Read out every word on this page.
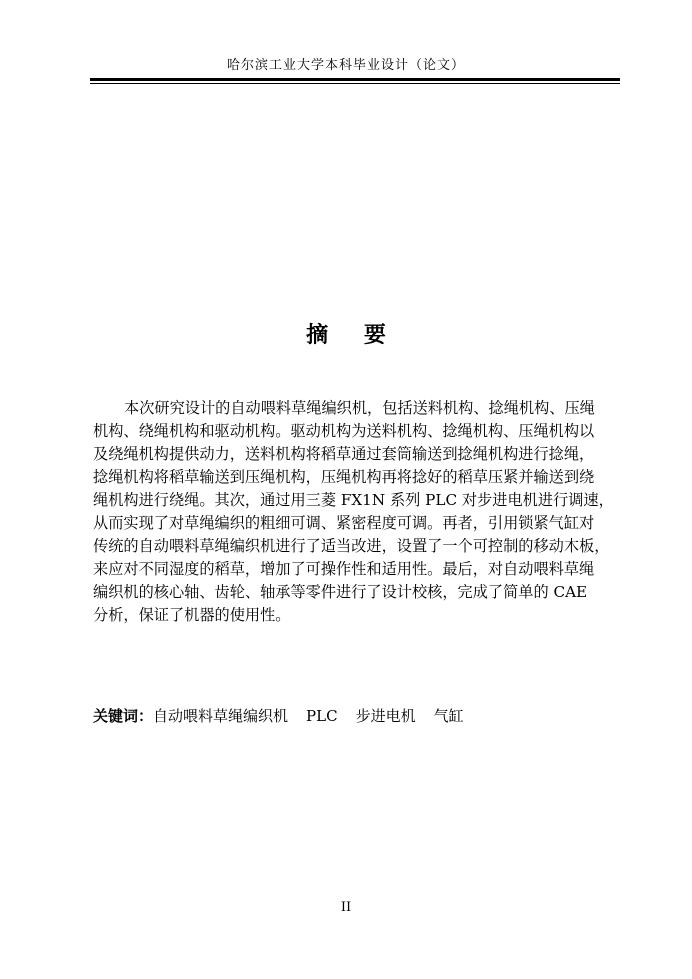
哈尔滨工业大学本科毕业设计（论文）
摘 要
本次研究设计的自动喂料草绳编织机，包括送料机构、捻绳机构、压绳
机构、绕绳机构和驱动机构。驱动机构为送料机构、捻绳机构、压绳机构以
及绕绳机构提供动力，送料机构将稻草通过套筒输送到捻绳机构进行捻绳，
捻绳机构将稻草输送到压绳机构，压绳机构再将捻好的稻草压紧并输送到绕
绳机构进行绕绳。其次，通过用三菱 FX1N 系列 PLC 对步进电机进行调速，
从而实现了对草绳编织的粗细可调、紧密程度可调。再者，引用锁紧气缸对
传统的自动喂料草绳编织机进行了适当改进，设置了一个可控制的移动木板，
来应对不同湿度的稻草，增加了可操作性和适用性。最后，对自动喂料草绳
编织机的核心轴、齿轮、轴承等零件进行了设计校核，完成了简单的 CAE
分析，保证了机器的使用性。
关键词：自动喂料草绳编织机 PLC 步进电机 气缸
II
